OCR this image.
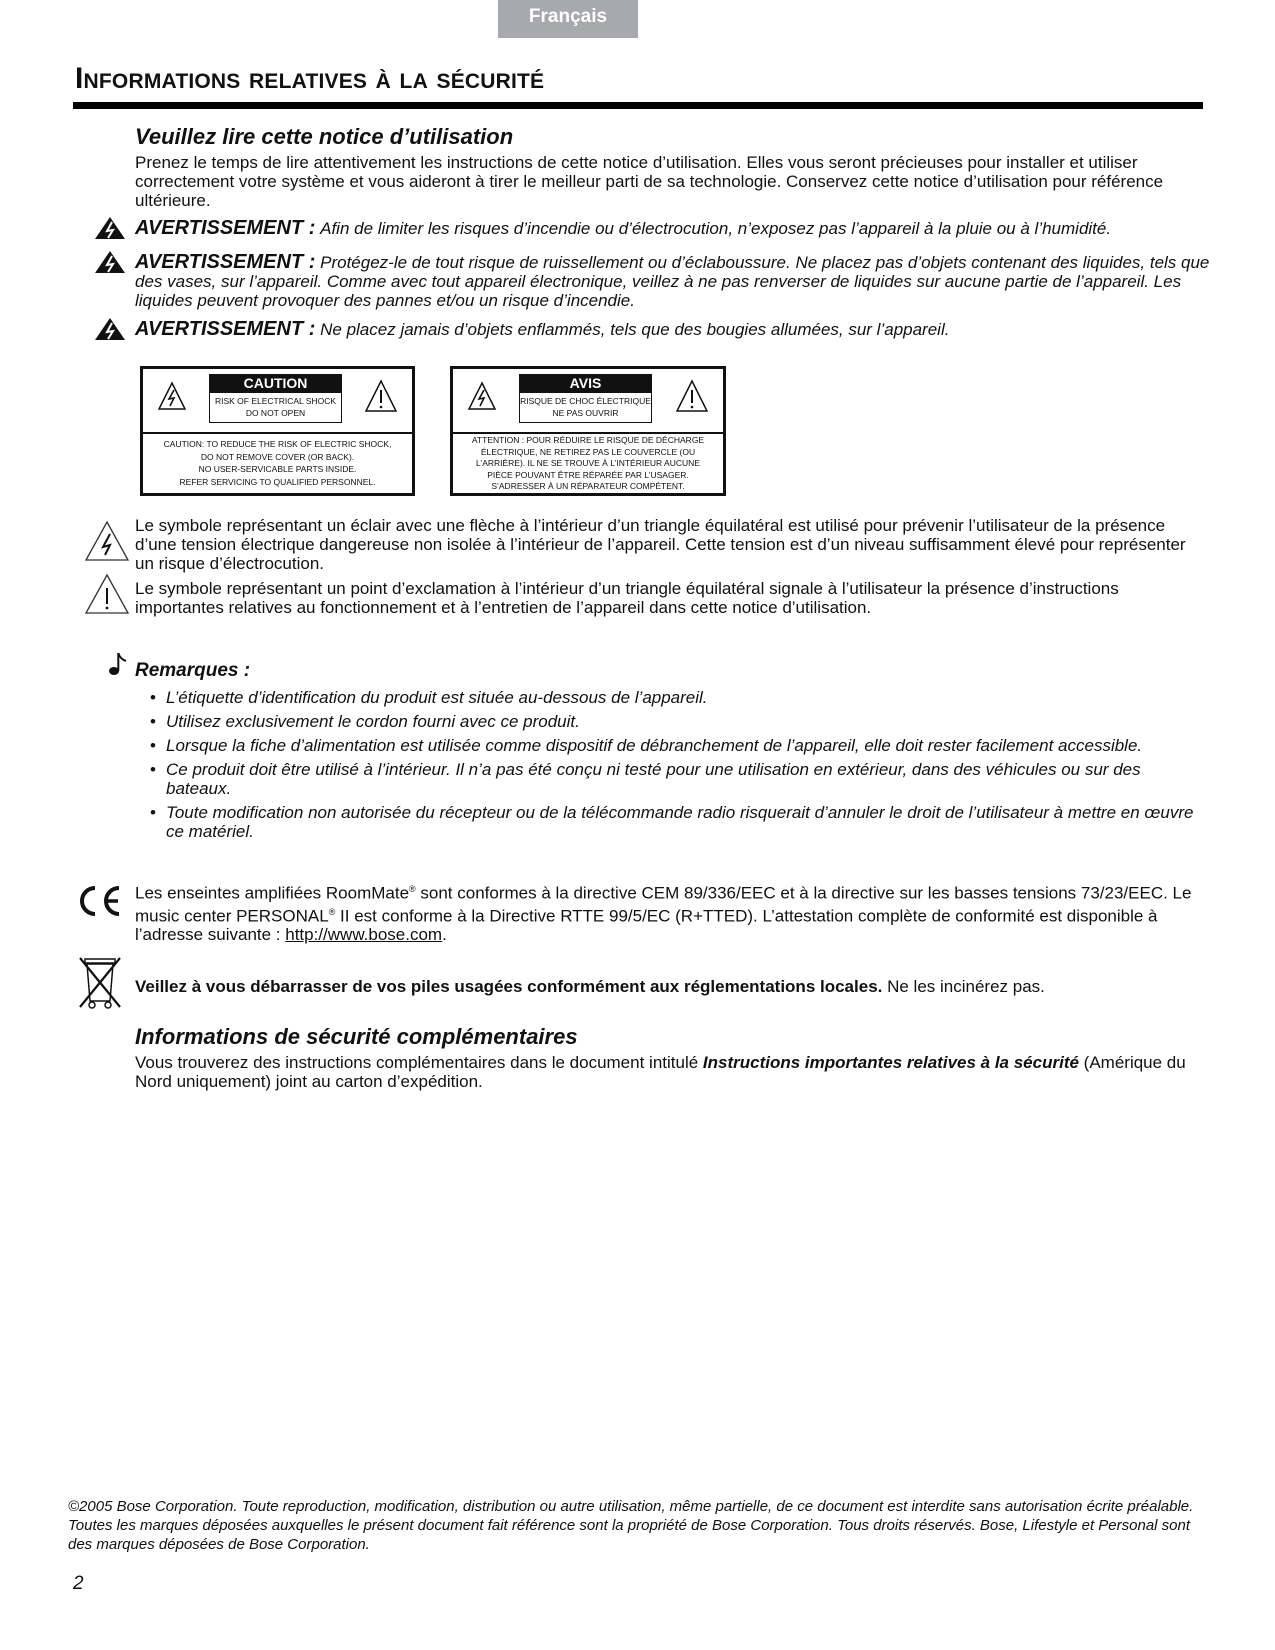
Français
Informations relatives à la sécurité
Veuillez lire cette notice d’utilisation

Prenez le temps de lire attentivement les instructions de cette notice d’utilisation. Elles vous seront précieuses pour installer et utiliser correctement votre système et vous aideront à tirer le meilleur parti de sa technologie. Conservez cette notice d’utilisation pour référence ultérieure.

AVERTISSEMENT : Afin de limiter les risques d’incendie ou d’électrocution, n’exposez pas l’appareil à la pluie ou à l’humidité.
AVERTISSEMENT : Protégez-le de tout risque de ruissellement ou d’éclaboussure. Ne placez pas d’objets contenant des liquides, tels que des vases, sur l’appareil. Comme avec tout appareil électronique, veillez à ne pas renverser de liquides sur aucune partie de l’appareil. Les liquides peuvent provoquer des pannes et/ou un risque d’incendie.
AVERTISSEMENT : Ne placez jamais d’objets enflammés, tels que des bougies allumées, sur l’appareil.
CAUTION
RISK OF ELECTRICAL SHOCK
DO NOT OPEN
CAUTION: TO REDUCE THE RISK OF ELECTRIC SHOCK,
DO NOT REMOVE COVER (OR BACK).
NO USER-SERVICABLE PARTS INSIDE.
REFER SERVICING TO QUALIFIED PERSONNEL.
AVIS
RISQUE DE CHOC ÉLECTRIQUE
NE PAS OUVRIR
ATTENTION : POUR RÉDUIRE LE RISQUE DE DÉCHARGE
ÉLECTRIQUE, NE RETIREZ PAS LE COUVERCLE (OU
L’ARRIÈRE). IL NE SE TROUVE À L’INTÉRIEUR AUCUNE
PIÈCE POUVANT ÊTRE RÉPARÉE PAR L’USAGER.
S’ADRESSER À UN RÉPARATEUR COMPÉTENT.

Le symbole représentant un éclair avec une flèche à l’intérieur d’un triangle équilatéral est utilisé pour prévenir l’utilisateur de la présence d’une tension électrique dangereuse non isolée à l’intérieur de l’appareil. Cette tension est d’un niveau suffisamment élevé pour représenter un risque d’électrocution.

Le symbole représentant un point d’exclamation à l’intérieur d’un triangle équilatéral signale à l’utilisateur la présence d’instructions importantes relatives au fonctionnement et à l’entretien de l’appareil dans cette notice d’utilisation.

Remarques :
• L’étiquette d’identification du produit est située au-dessous de l’appareil.
• Utilisez exclusivement le cordon fourni avec ce produit.
• Lorsque la fiche d’alimentation est utilisée comme dispositif de débranchement de l’appareil, elle doit rester facilement accessible.
• Ce produit doit être utilisé à l’intérieur. Il n’a pas été conçu ni testé pour une utilisation en extérieur, dans des véhicules ou sur des bateaux.
• Toute modification non autorisée du récepteur ou de la télécommande radio risquerait d’annuler le droit de l’utilisateur à mettre en œuvre ce matériel.

Les enseintes amplifiées RoomMate® sont conformes à la directive CEM 89/336/EEC et à la directive sur les basses tensions 73/23/EEC. Le music center PERSONAL® II est conforme à la Directive RTTE 99/5/EC (R+TTED). L’attestation complète de conformité est disponible à l’adresse suivante : http://www.bose.com.

Veillez à vous débarrasser de vos piles usagées conformément aux réglementations locales. Ne les incinérez pas.

Informations de sécurité complémentaires

Vous trouverez des instructions complémentaires dans le document intitulé Instructions importantes relatives à la sécurité (Amérique du Nord uniquement) joint au carton d’expédition.

©2005 Bose Corporation. Toute reproduction, modification, distribution ou autre utilisation, même partielle, de ce document est interdite sans autorisation écrite préalable. Toutes les marques déposées auxquelles le présent document fait référence sont la propriété de Bose Corporation. Tous droits réservés. Bose, Lifestyle et Personal sont des marques déposées de Bose Corporation.
2
